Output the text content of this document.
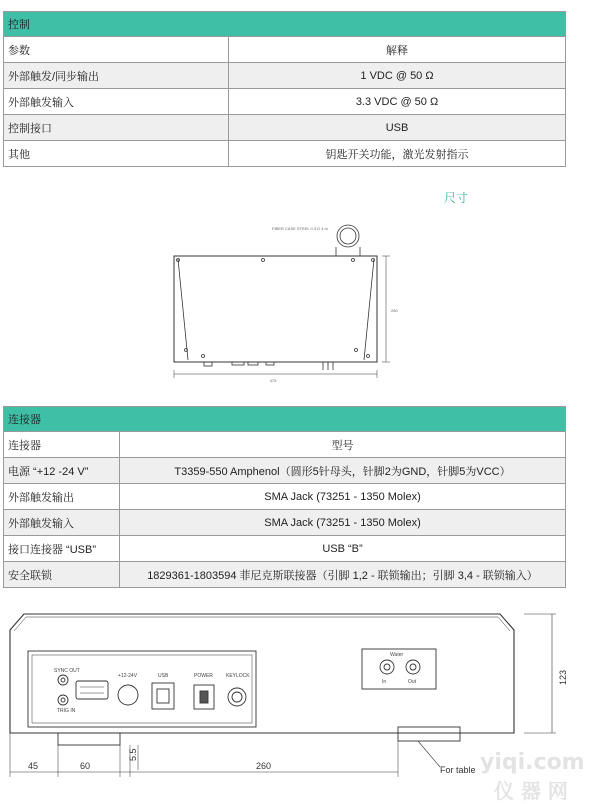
控制	
参数	解释
外部触发/同步输出	1 VDC @ 50 Ω
外部触发输入	3.3 VDC @ 50 Ω
控制接口	USB
其他	钥匙开关功能，激光发射指示
尺寸
FIBER CASE STEEL 0.3 D 4 m
475
280
连接器	
连接器	型号
电源 “+12 -24 V”	T3359-550 Amphenol（圆形5针母头，针脚2为GND，针脚5为VCC）
外部触发输出	SMA Jack (73251 - 1350 Molex)
外部触发输入	SMA Jack (73251 - 1350 Molex)
接口连接器 “USB”	USB “B”
安全联锁	1829361-1803594 菲尼克斯联接器（引脚 1,2 - 联锁输出；引脚 3,4 - 联锁输入）
SYNC OUT
TRIG IN
+12-24V	USB	POWER	KEYLOCK
Water
In	Out
45	60
5.5
260
123
For table yiqi.com
仪 器 网
